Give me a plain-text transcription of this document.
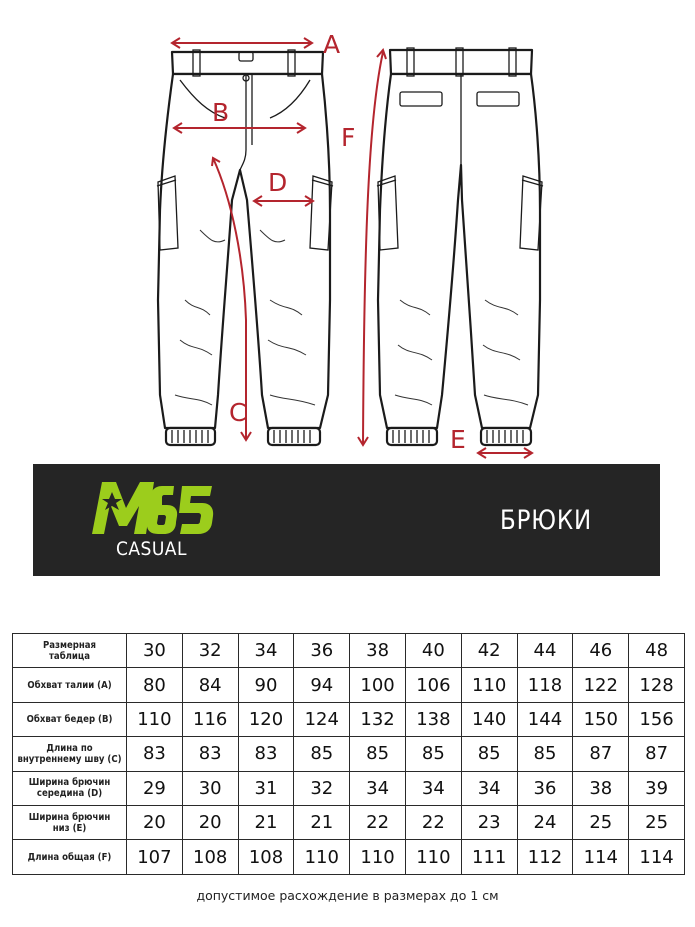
A
B
D
C
F
E
CASUAL
БРЮКИ
Размерная
таблица	30	32	34	36	38	40	42	44	46	48

Обхват талии (А)	80	84	90	94	100	106	110	118	122	128

Обхват бедер (В)	110	116	120	124	132	138	140	144	150	156

Длина по
внутреннему шву (С)	83	83	83	85	85	85	85	85	87	87

Ширина брючин
середина (D)	29	30	31	32	34	34	34	36	38	39

Ширина брючин
низ (E)	20	20	21	21	22	22	23	24	25	25

Длина общая (F)	107	108	108	110	110	110	111	112	114	114
допустимое расхождение в размерах до 1 см
